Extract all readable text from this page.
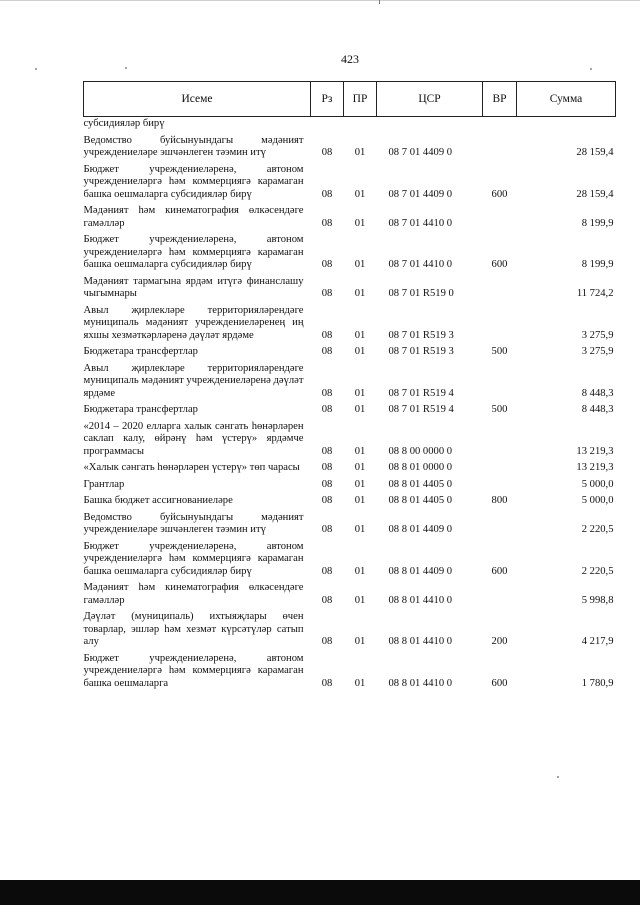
423
Исеме	Рз	ПР	ЦСР	ВР	Сумма
субсидияләр бирү					
Ведомство буйсынуындагы мәдәният учреждениеләре эшчәнлеген тәэмин итү	08	01	08 7 01 4409 0		28 159,4
Бюджет учреждениеләренә, автоном учреждениеләргә һәм коммерциягә карамаган башка оешмаларга субсидияләр бирү	08	01	08 7 01 4409 0	600	28 159,4
Мәдәният һәм кинематография өлкәсендәге гамәлләр	08	01	08 7 01 4410 0		8 199,9
Бюджет учреждениеләренә, автоном учреждениеләргә һәм коммерциягә карамаган башка оешмаларга субсидияләр бирү	08	01	08 7 01 4410 0	600	8 199,9
Мәдәният тармагына ярдәм итүгә финанслашу чыгымнары	08	01	08 7 01 R519 0		11 724,2
Авыл җирлекләре территорияләрендәге муниципаль мәдәният учреждениеләренең иң яхшы хезмәткәрләренә дәүләт ярдәме	08	01	08 7 01 R519 3		3 275,9
Бюджетара трансфертлар	08	01	08 7 01 R519 3	500	3 275,9
Авыл җирлекләре территорияләрендәге муниципаль мәдәният учреждениеләренә дәүләт ярдәме	08	01	08 7 01 R519 4		8 448,3
Бюджетара трансфертлар	08	01	08 7 01 R519 4	500	8 448,3
«2014 – 2020 елларга халык сәнгать һөнәрләрен саклап калу, өйрәнү һәм үстерү» ярдәмче программасы	08	01	08 8 00 0000 0		13 219,3
«Халык сәнгать һөнәрләрен үстерү» төп чарасы	08	01	08 8 01 0000 0		13 219,3
Грантлар	08	01	08 8 01 4405 0		5 000,0
Башка бюджет ассигнованиеләре	08	01	08 8 01 4405 0	800	5 000,0
Ведомство буйсынуындагы мәдәният учреждениеләре эшчәнлеген тәэмин итү	08	01	08 8 01 4409 0		2 220,5
Бюджет учреждениеләренә, автоном учреждениеләргә һәм коммерциягә карамаган башка оешмаларга субсидияләр бирү	08	01	08 8 01 4409 0	600	2 220,5
Мәдәният һәм кинематография өлкәсендәге гамәлләр	08	01	08 8 01 4410 0		5 998,8
Дәүләт (муниципаль) ихтыяҗлары өчен товарлар, эшләр һәм хезмәт күрсәтүләр сатып алу	08	01	08 8 01 4410 0	200	4 217,9
Бюджет учреждениеләренә, автоном учреждениеләргә һәм коммерциягә карамаган башка оешмаларга	08	01	08 8 01 4410 0	600	1 780,9
